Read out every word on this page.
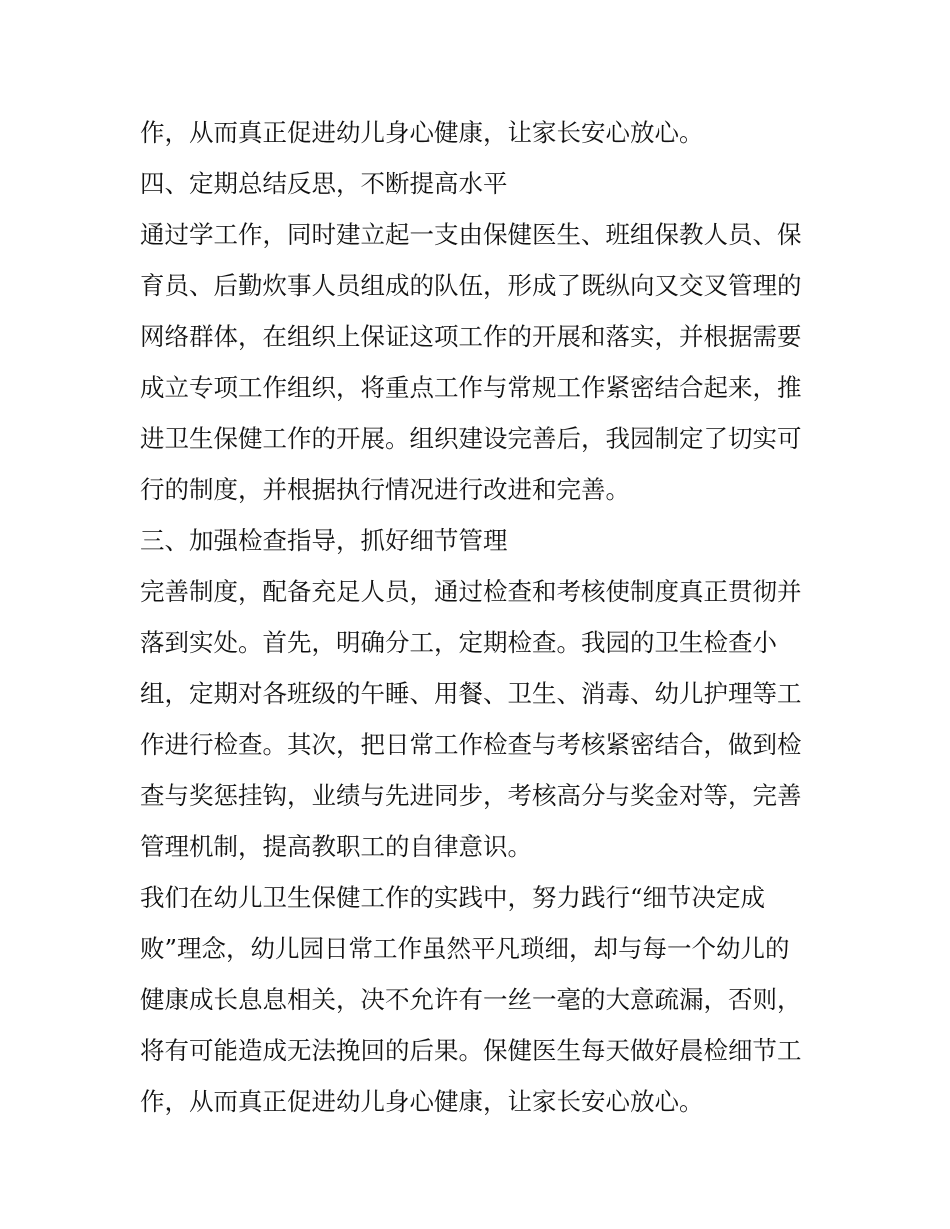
作，从而真正促进幼儿身心健康，让家长安心放心。
四、定期总结反思，不断提高水平
通过学工作，同时建立起一支由保健医生、班组保教人员、保
育员、后勤炊事人员组成的队伍，形成了既纵向又交叉管理的
网络群体，在组织上保证这项工作的开展和落实，并根据需要
成立专项工作组织，将重点工作与常规工作紧密结合起来，推
进卫生保健工作的开展。组织建设完善后，我园制定了切实可
行的制度，并根据执行情况进行改进和完善。
三、加强检查指导，抓好细节管理
完善制度，配备充足人员，通过检查和考核使制度真正贯彻并
落到实处。首先，明确分工，定期检查。我园的卫生检查小
组，定期对各班级的午睡、用餐、卫生、消毒、幼儿护理等工
作进行检查。其次，把日常工作检查与考核紧密结合，做到检
查与奖惩挂钩，业绩与先进同步，考核高分与奖金对等，完善
管理机制，提高教职工的自律意识。
我们在幼儿卫生保健工作的实践中，努力践行“细节决定成
败”理念，幼儿园日常工作虽然平凡琐细，却与每一个幼儿的
健康成长息息相关，决不允许有一丝一毫的大意疏漏，否则，
将有可能造成无法挽回的后果。保健医生每天做好晨检细节工
作，从而真正促进幼儿身心健康，让家长安心放心。
